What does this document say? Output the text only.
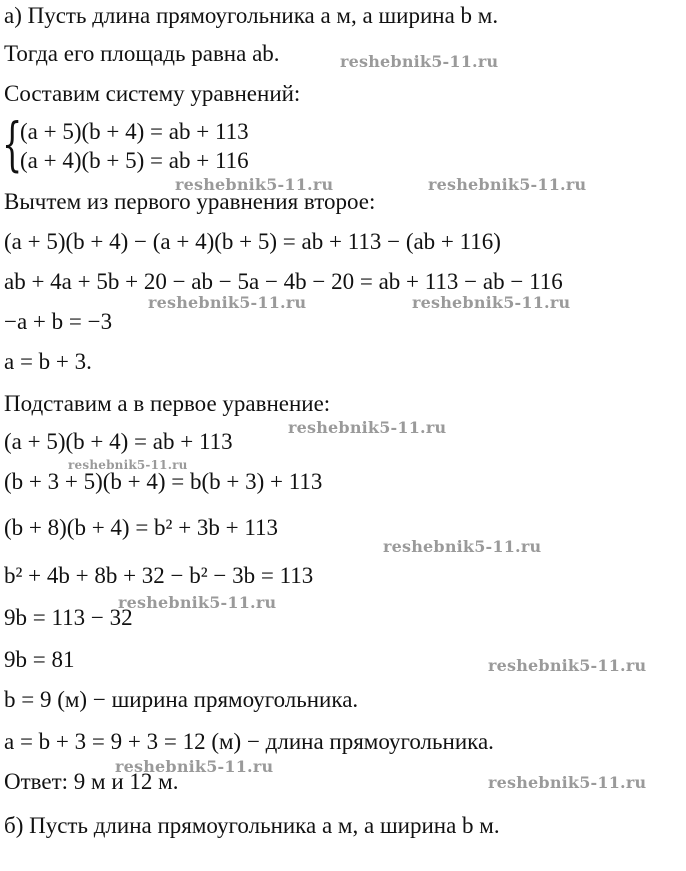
а) Пусть длина прямоугольника a м, а ширина b м.
Тогда его площадь равна ab.
Составим систему уравнений:
{
(a + 5)(b + 4) = ab + 113
(a + 4)(b + 5) = ab + 116
Вычтем из первого уравнения второе:
(a + 5)(b + 4) − (a + 4)(b + 5) = ab + 113 − (ab + 116)
ab + 4a + 5b + 20 − ab − 5a − 4b − 20 = ab + 113 − ab − 116
−a + b = −3
a = b + 3.
Подставим a в первое уравнение:
(a + 5)(b + 4) = ab + 113
(b + 3 + 5)(b + 4) = b(b + 3) + 113
(b + 8)(b + 4) = b² + 3b + 113
b² + 4b + 8b + 32 − b² − 3b = 113
9b = 113 − 32
9b = 81
b = 9 (м) − ширина прямоугольника.
a = b + 3 = 9 + 3 = 12 (м) − длина прямоугольника.
Ответ: 9 м и 12 м.
б) Пусть длина прямоугольника a м, а ширина b м.
reshebnik5-11.ru
reshebnik5-11.ru	reshebnik5-11.ru
reshebnik5-11.ru	reshebnik5-11.ru
reshebnik5-11.ru
reshebnik5-11.ru
reshebnik5-11.ru
reshebnik5-11.ru
reshebnik5-11.ru
reshebnik5-11.ru
reshebnik5-11.ru
